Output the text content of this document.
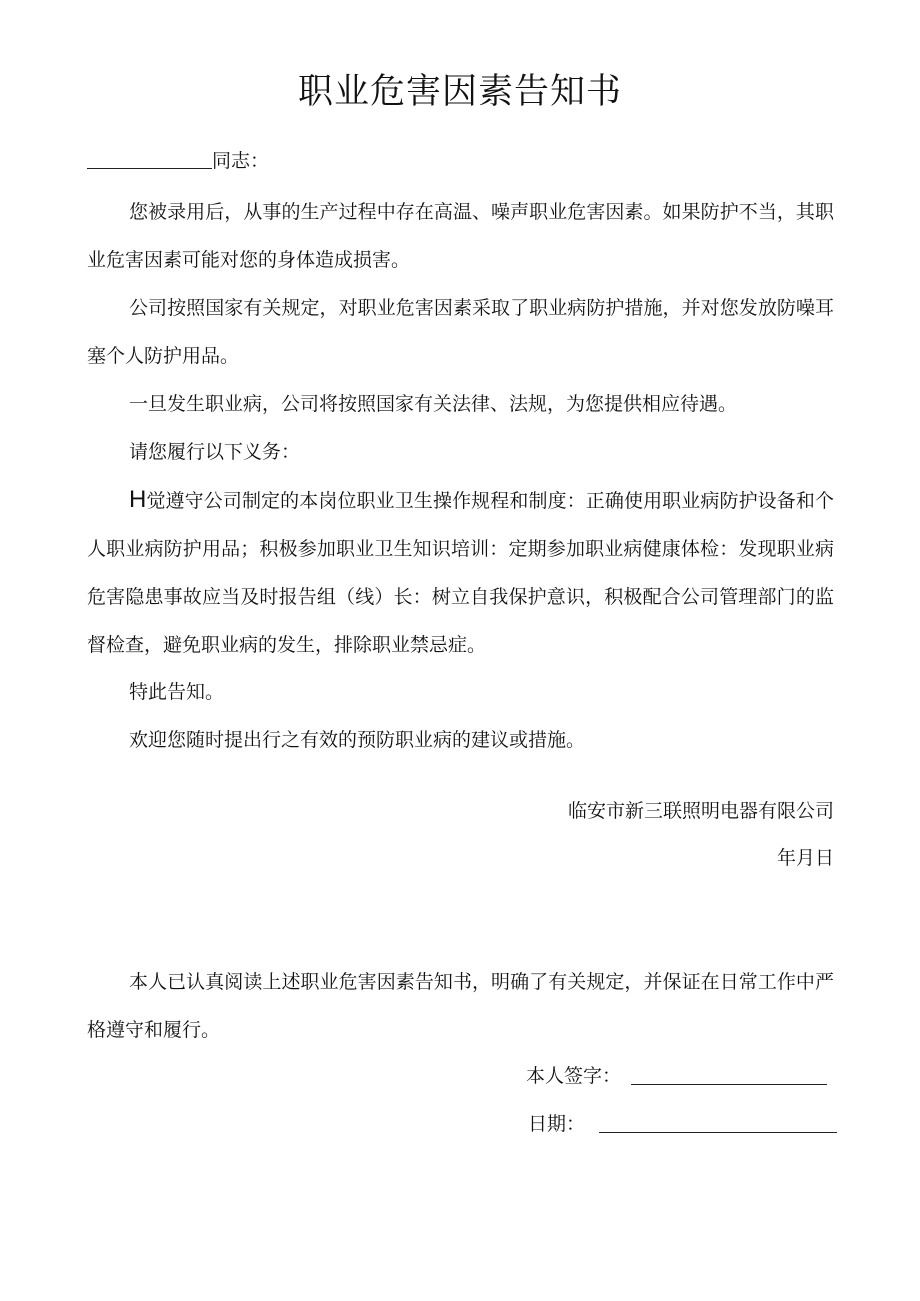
职业危害因素告知书
同志：

您被录用后，从事的生产过程中存在高温、噪声职业危害因素。如果防护不当，其职业危害因素可能对您的身体造成损害。

公司按照国家有关规定，对职业危害因素采取了职业病防护措施，并对您发放防噪耳塞个人防护用品。

一旦发生职业病，公司将按照国家有关法律、法规，为您提供相应待遇。

请您履行以下义务：

H觉遵守公司制定的本岗位职业卫生操作规程和制度：正确使用职业病防护设备和个人职业病防护用品；积极参加职业卫生知识培训：定期参加职业病健康体检：发现职业病危害隐患事故应当及时报告组（线）长：树立自我保护意识，积极配合公司管理部门的监督检查，避免职业病的发生，排除职业禁忌症。

特此告知。

欢迎您随时提出行之有效的预防职业病的建议或措施。

临安市新三联照明电器有限公司
年月日

本人已认真阅读上述职业危害因素告知书，明确了有关规定，并保证在日常工作中严格遵守和履行。

本人签字：
日期：
